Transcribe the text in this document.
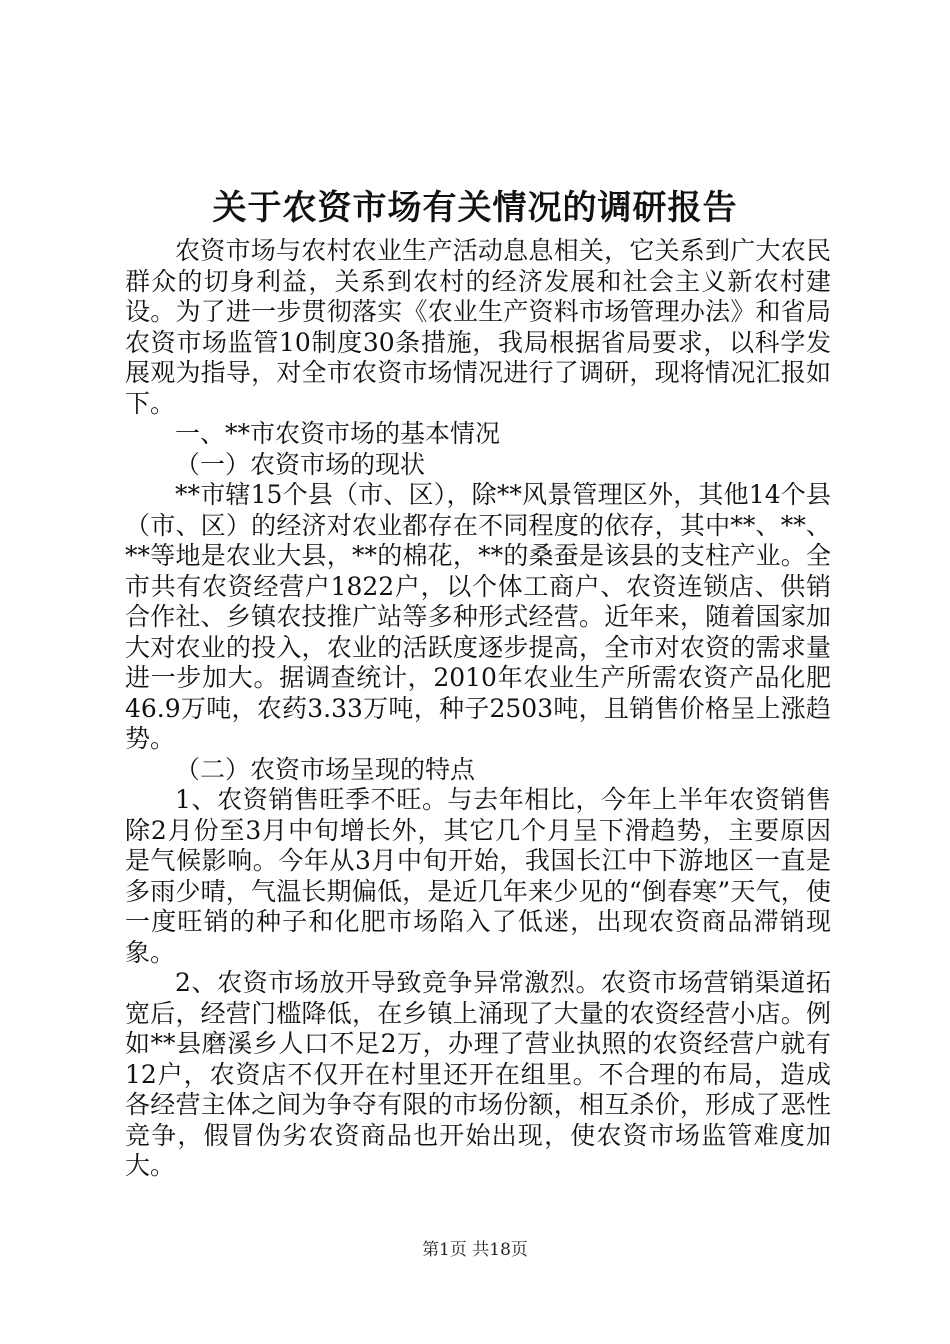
关于农资市场有关情况的调研报告

农资市场与农村农业生产活动息息相关，它关系到广大农民群众的切身利益，关系到农村的经济发展和社会主义新农村建设。为了进一步贯彻落实《农业生产资料市场管理办法》和省局农资市场监管10制度30条措施，我局根据省局要求，以科学发展观为指导，对全市农资市场情况进行了调研，现将情况汇报如下。

一、**市农资市场的基本情况

（一）农资市场的现状

**市辖15个县（市、区），除**风景管理区外，其他14个县（市、区）的经济对农业都存在不同程度的依存，其中**、**、**等地是农业大县，**的棉花，**的桑蚕是该县的支柱产业。全市共有农资经营户1822户，以个体工商户、农资连锁店、供销合作社、乡镇农技推广站等多种形式经营。近年来，随着国家加大对农业的投入，农业的活跃度逐步提高，全市对农资的需求量进一步加大。据调查统计，2010年农业生产所需农资产品化肥46.9万吨，农药3.33万吨，种子2503吨，且销售价格呈上涨趋势。

（二）农资市场呈现的特点

1、农资销售旺季不旺。与去年相比，今年上半年农资销售除2月份至3月中旬增长外，其它几个月呈下滑趋势，主要原因是气候影响。今年从3月中旬开始，我国长江中下游地区一直是多雨少晴，气温长期偏低，是近几年来少见的“倒春寒”天气，使一度旺销的种子和化肥市场陷入了低迷，出现农资商品滞销现象。

2、农资市场放开导致竞争异常激烈。农资市场营销渠道拓宽后，经营门槛降低，在乡镇上涌现了大量的农资经营小店。例如**县磨溪乡人口不足2万，办理了营业执照的农资经营户就有12户，农资店不仅开在村里还开在组里。不合理的布局，造成各经营主体之间为争夺有限的市场份额，相互杀价，形成了恶性竞争，假冒伪劣农资商品也开始出现，使农资市场监管难度加大。

第1页 共18页
